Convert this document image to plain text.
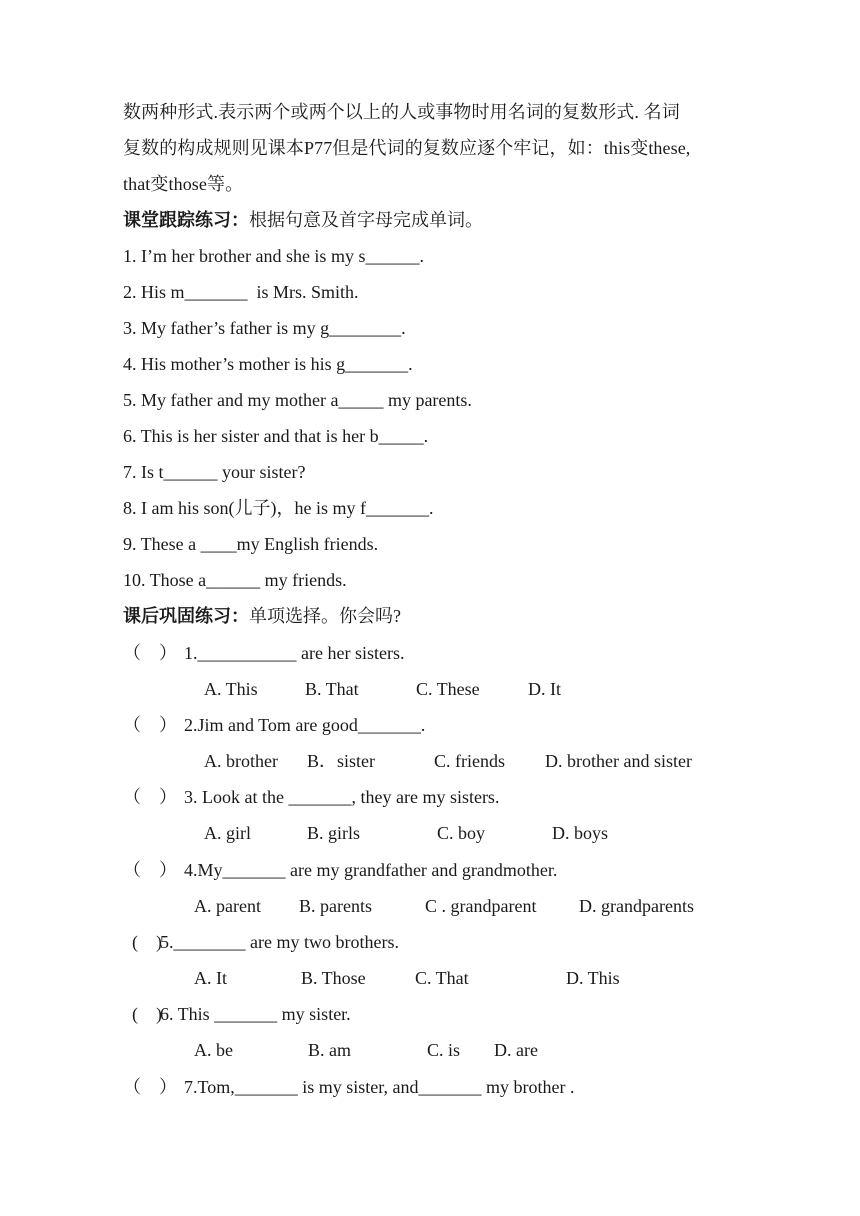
数两种形式.表示两个或两个以上的人或事物时用名词的复数形式. 名词
复数的构成规则见课本P77但是代词的复数应逐个牢记，如：this变these,
that变those等。
课堂跟踪练习：根据句意及首字母完成单词。
1. I’m her brother and she is my s______.
2. His m_______  is Mrs. Smith.
3. My father’s father is my g________.
4. His mother’s mother is his g_______.
5. My father and my mother a_____ my parents.
6. This is her sister and that is her b_____.
7. Is t______ your sister?
8. I am his son(儿子)，he is my f_______.
9. These a ____my English friends.
10. Those a______ my friends.
课后巩固练习：单项选择。你会吗?
（    ） 1.___________ are her sisters.
A. This	B. That	C. These	D. It
（    ） 2.Jim and Tom are good_______.
A. brother B．sister	C. friends D. brother and sister
（    ） 3. Look at the _______, they are my sisters.
A. girl	B. girls	C. boy	D. boys
（    ） 4.My_______ are my grandfather and grandmother.
A. parent B. parents	C . grandparent D. grandparents
(    )
5.________ are my two brothers.
A. It	B. Those	C. That	D. This
(    )
6. This _______ my sister.
A. be	B. am	C. is D. are
（    ） 7.Tom,_______ is my sister, and_______ my brother .
